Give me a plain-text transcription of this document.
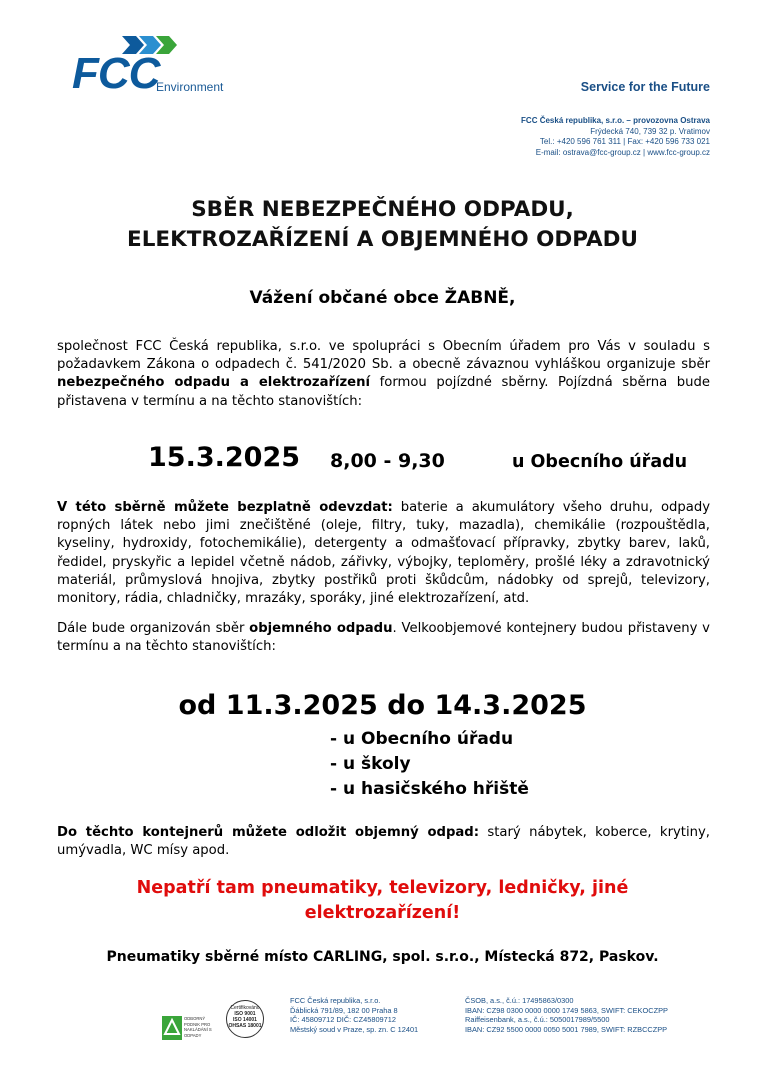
FCC
Environment	Service for the Future
FCC Česká republika, s.r.o. – provozovna Ostrava
Frýdecká 740, 739 32 p. Vratimov
Tel.: +420 596 761 311 | Fax: +420 596 733 021
E-mail: ostrava@fcc-group.cz | www.fcc-group.cz
SBĚR NEBEZPEČNÉHO ODPADU,
ELEKTROZAŘÍZENÍ A OBJEMNÉHO ODPADU
Vážení občané obce ŽABNĚ,
společnost FCC Česká republika, s.r.o. ve spolupráci s Obecním úřadem pro Vás v souladu s požadavkem Zákona o odpadech č. 541/2020 Sb. a obecně závaznou vyhláškou organizuje sběr nebezpečného odpadu a elektrozařízení formou pojízdné sběrny. Pojízdná sběrna bude přistavena v termínu a na těchto stanovištích:
15.3.2025 8,00 - 9,30	u Obecního úřadu
V této sběrně můžete bezplatně odevzdat: baterie a akumulátory všeho druhu, odpady ropných látek nebo jimi znečištěné (oleje, filtry, tuky, mazadla), chemikálie (rozpouštědla, kyseliny, hydroxidy, fotochemikálie), detergenty a odmašťovací přípravky, zbytky barev, laků, ředidel, pryskyřic a lepidel včetně nádob, zářivky, výbojky, teploměry, prošlé léky a zdravotnický materiál, průmyslová hnojiva, zbytky postřiků proti škůdcům, nádobky od sprejů, televizory, monitory, rádia, chladničky, mrazáky, sporáky, jiné elektrozařízení, atd.
Dále bude organizován sběr objemného odpadu. Velkoobjemové kontejnery budou přistaveny v termínu a na těchto stanovištích:
od 11.3.2025 do 14.3.2025
- u Obecního úřadu
- u školy
- u hasičského hřiště
Do těchto kontejnerů můžete odložit objemný odpad: starý nábytek, koberce, krytiny, umývadla, WC mísy apod.
Nepatří tam pneumatiky, televizory, ledničky, jiné
elektrozařízení!
Pneumatiky sběrné místo CARLING, spol. s.r.o., Místecká 872, Paskov.
ODBORNÝ PODNIK PRO NAKLÁDÁNÍ S ODPADY
Certifikováno
ISO 9001
ISO 14001
OHSAS 18001
FCC Česká republika, s.r.o.
Ďáblická 791/89, 182 00 Praha 8
IČ: 45809712 DIČ: CZ45809712
Městský soud v Praze, sp. zn. C 12401
ČSOB, a.s., č.ú.: 17495863/0300
IBAN: CZ98 0300 0000 0000 1749 5863, SWIFT: CEKOCZPP
Raiffeisenbank, a.s., č.ú.: 5050017989/5500
IBAN: CZ92 5500 0000 0050 5001 7989, SWIFT: RZBCCZPP
